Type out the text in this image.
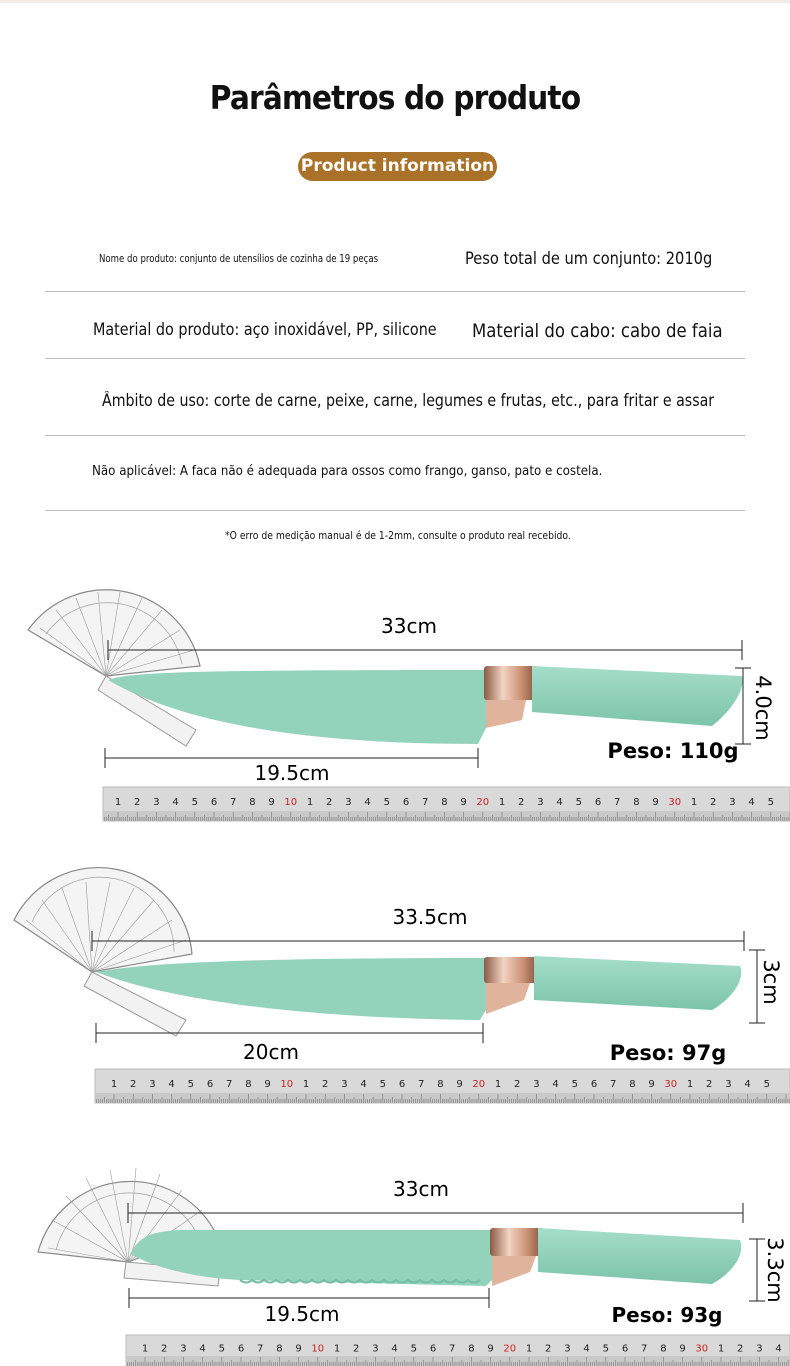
Parâmetros do produto
Product information
Nome do produto: conjunto de utensílios de cozinha de 19 peças	Peso total de um conjunto: 2010g
Material do produto: aço inoxidável, PP, silicone Material do cabo: cabo de faia
Âmbito de uso: corte de carne, peixe, carne, legumes e frutas, etc., para fritar e assar
Não aplicável: A faca não é adequada para ossos como frango, ganso, pato e costela.
*O erro de medição manual é de 1-2mm, consulte o produto real recebido.
33cm
4.0cm
Peso: 110g
19.5cm
1 2 3 4 5 6 7 8 9 10 1 2 3 4 5 6 7 8 9 20 1 2 3 4 5 6 7 8 9 30 1 2 3 4 5
33.5cm
3cm
Peso: 97g
20cm
1 2 3 4 5 6 7 8 9 10 1 2 3 4 5 6 7 8 9 20 1 2 3 4 5 6 7 8 9 30 1 2 3 4 5
33cm
3.3cm
Peso: 93g
19.5cm
1 2 3 4 5 6 7 8 9 10 1 2 3 4 5 6 7 8 9 20 1 2 3 4 5 6 7 8 9 30 1 2 3 4
